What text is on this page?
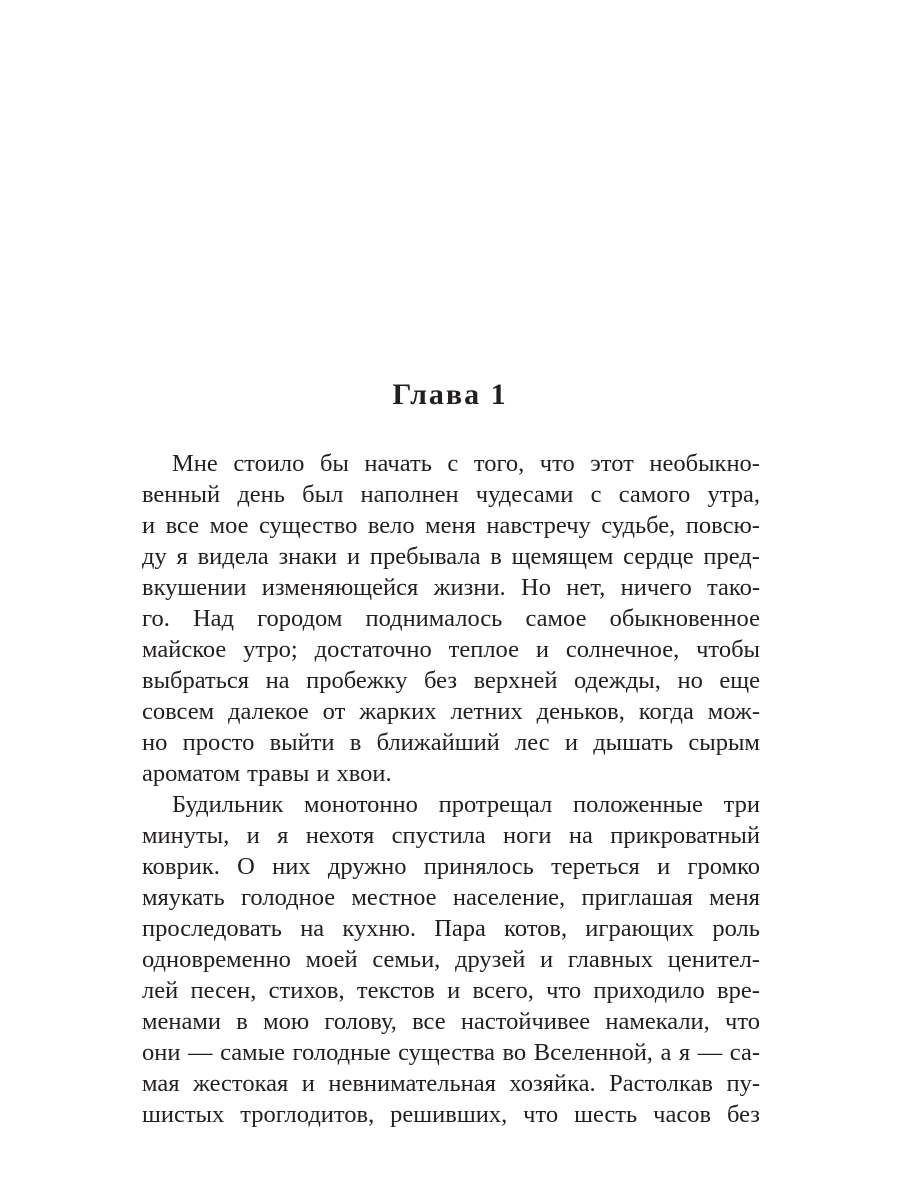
Глава 1
Мне стоило бы начать с того, что этот необыкно-
венный день был наполнен чудесами с самого утра,
и все мое существо вело меня навстречу судьбе, повсю-
ду я видела знаки и пребывала в щемящем сердце пред-
вкушении изменяющейся жизни. Но нет, ничего тако-
го. Над городом поднималось самое обыкновенное
майское утро; достаточно теплое и солнечное, чтобы
выбраться на пробежку без верхней одежды, но еще
совсем далекое от жарких летних деньков, когда мож-
но просто выйти в ближайший лес и дышать сырым
ароматом травы и хвои.
Будильник монотонно протрещал положенные три
минуты, и я нехотя спустила ноги на прикроватный
коврик. О них дружно принялось тереться и громко
мяукать голодное местное население, приглашая меня
проследовать на кухню. Пара котов, играющих роль
одновременно моей семьи, друзей и главных ценител-
лей песен, стихов, текстов и всего, что приходило вре-
менами в мою голову, все настойчивее намекали, что
они — самые голодные существа во Вселенной, а я — са-
мая жестокая и невнимательная хозяйка. Растолкав пу-
шистых троглодитов, решивших, что шесть часов без
